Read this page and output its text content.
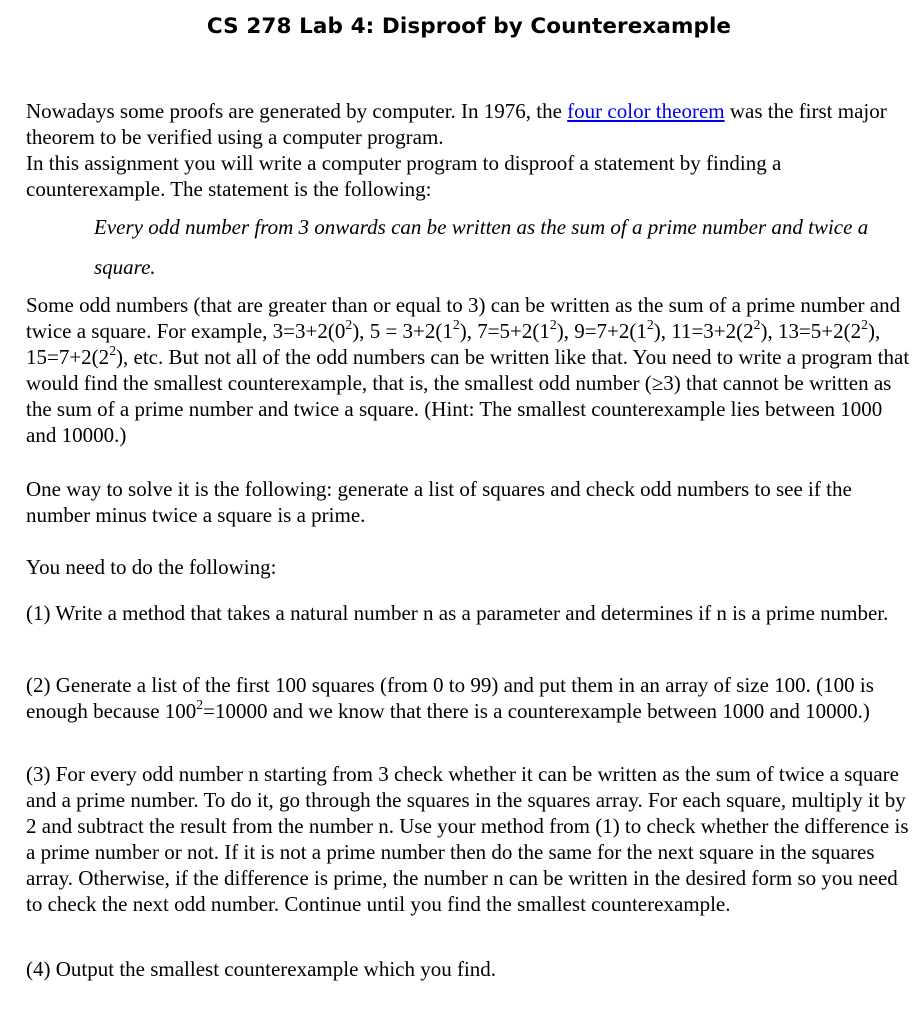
CS 278 Lab 4: Disproof by Counterexample

Nowadays some proofs are generated by computer. In 1976, the four color theorem was the first major theorem to be verified using a computer program.
In this assignment you will write a computer program to disproof a statement by finding a counterexample. The statement is the following:

Every odd number from 3 onwards can be written as the sum of a prime number and twice a square.

Some odd numbers (that are greater than or equal to 3) can be written as the sum of a prime number and twice a square. For example, $3=3+2(0^2)$, $5 = 3+2(1^2)$, $7=5+2(1^2)$, $9=7+2(1^2)$, $11=3+2(2^2)$, $13=5+2(2^2)$, $15=7+2(2^2)$, etc. But not all of the odd numbers can be written like that. You need to write a program that would find the smallest counterexample, that is, the smallest odd number (≥3) that cannot be written as the sum of a prime number and twice a square. (Hint: The smallest counterexample lies between 1000 and 10000.)

One way to solve it is the following: generate a list of squares and check odd numbers to see if the number minus twice a square is a prime.

You need to do the following:

(1) Write a method that takes a natural number n as a parameter and determines if n is a prime number.

(2) Generate a list of the first 100 squares (from 0 to 99) and put them in an array of size 100. (100 is enough because $100^2=10000$ and we know that there is a counterexample between 1000 and 10000.)

(3) For every odd number n starting from 3 check whether it can be written as the sum of twice a square and a prime number. To do it, go through the squares in the squares array. For each square, multiply it by 2 and subtract the result from the number n. Use your method from (1) to check whether the difference is a prime number or not. If it is not a prime number then do the same for the next square in the squares array. Otherwise, if the difference is prime, the number n can be written in the desired form so you need to check the next odd number. Continue until you find the smallest counterexample.

(4) Output the smallest counterexample which you find.
